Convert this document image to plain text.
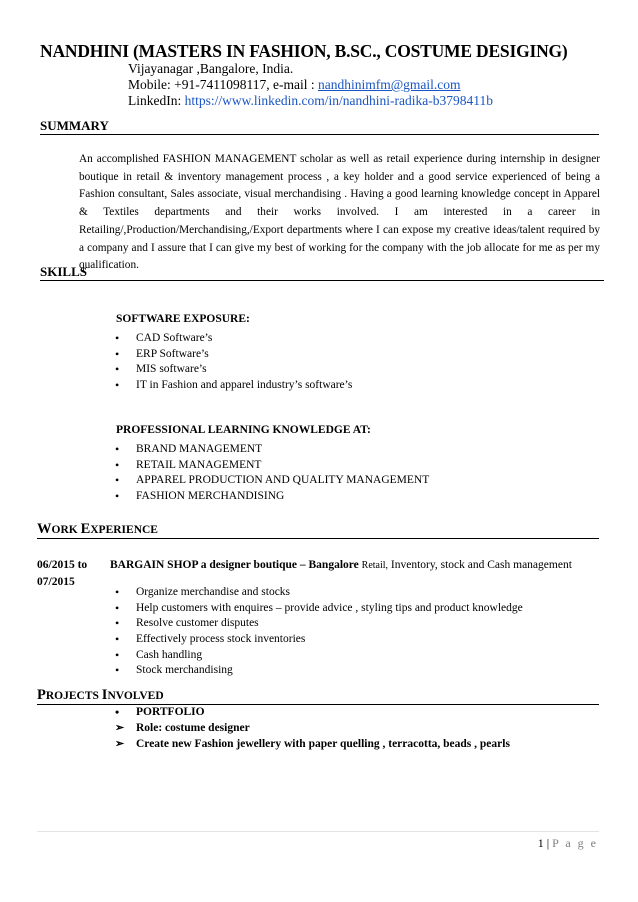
NANDHINI (MASTERS IN FASHION, B.SC., COSTUME DESIGING)
Vijayanagar ,Bangalore, India.
Mobile: +91-7411098117, e-mail : nandhinimfm@gmail.com
LinkedIn: https://www.linkedin.com/in/nandhini-radika-b3798411b
SUMMARY
An accomplished FASHION MANAGEMENT scholar as well as retail experience during internship in designer boutique in retail & inventory management process , a key holder and a good service experienced of being a Fashion consultant, Sales associate, visual merchandising . Having a good learning knowledge concept in Apparel & Textiles departments and their works involved. I am interested in a career in Retailing/,Production/Merchandising,/Export departments where I can expose my creative ideas/talent required by a company and I assure that I can give my best of working for the company with the job allocate for me as per my qualification.
SKILLS
SOFTWARE EXPOSURE:
• CAD Software’s
• ERP Software’s
• MIS software’s
• IT in Fashion and apparel industry’s software’s
PROFESSIONAL LEARNING KNOWLEDGE AT:
• BRAND MANAGEMENT
• RETAIL MANAGEMENT
• APPAREL PRODUCTION AND QUALITY MANAGEMENT
• FASHION MERCHANDISING
WORK EXPERIENCE
06/2015 to
07/2015
BARGAIN SHOP a designer boutique – Bangalore Retail, Inventory, stock and Cash management
• Organize merchandise and stocks
• Help customers with enquires – provide advice , styling tips and product knowledge
• Resolve customer disputes
• Effectively process stock inventories
• Cash handling
• Stock merchandising
PROJECTS INVOLVED
• PORTFOLIO
➢ Role: costume designer
➢ Create new Fashion jewellery with paper quelling , terracotta, beads , pearls
1 | P a g e
